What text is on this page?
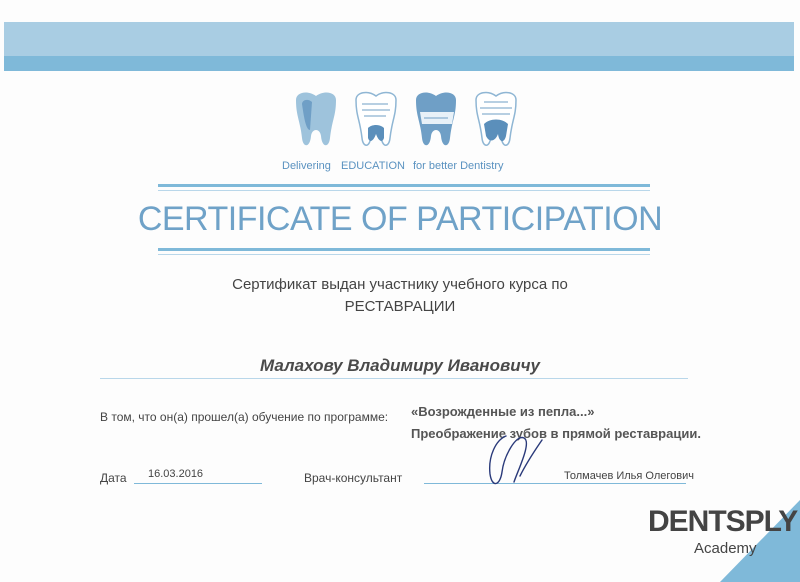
Delivering EDUCATION for better Dentistry
CERTIFICATE OF PARTICIPATION
Сертификат выдан участнику учебного курса по
РЕСТАВРАЦИИ
Малахову Владимиру Ивановичу
В том, что он(а) прошел(а) обучение по программе: «Возрожденные из пепла...»
Преображение зубов в прямой реставрации.
Дата 16.03.2016	Врач-консультант	Толмачев Илья Олегович
DENTSPLY
Academy
